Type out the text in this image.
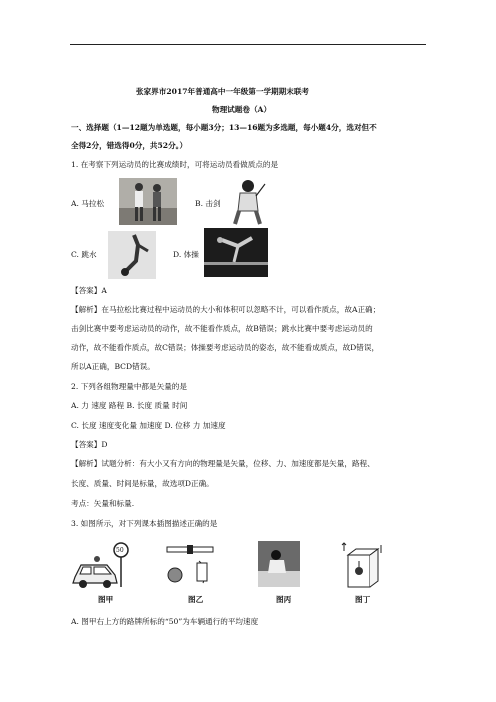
张家界市2017年普通高中一年级第一学期期末联考
物理试题卷（A）
一、选择题（1—12题为单选题，每小题3分；13—16题为多选题，每小题4分，选对但不
全得2分，错选得0分，共52分。）
1. 在考察下列运动员的比赛成绩时，可将运动员看做质点的是
A. 马拉松	B. 击剑
C. 跳水	D. 体操
【答案】A
【解析】在马拉松比赛过程中运动员的大小和体积可以忽略不计，可以看作质点，故A正确；
击剑比赛中要考虑运动员的动作，故不能看作质点，故B错误；跳水比赛中要考虑运动员的
动作，故不能看作质点，故C错误；体操要考虑运动员的姿态，故不能看成质点，故D错误，
所以A正确，BCD错误。
2. 下列各组物理量中都是矢量的是
A. 力 速度 路程 B. 长度 质量 时间
C. 长度 速度变化量 加速度 D. 位移 力 加速度
【答案】D
【解析】试题分析：有大小又有方向的物理量是矢量，位移、力、加速度都是矢量，路程、
长度、质量、时间是标量，故选项D正确。
考点：矢量和标量.
3. 如图所示，对下列课本插图描述正确的是
50
图甲	图乙	图丙	图丁
A. 图甲右上方的路牌所标的“50”为车辆通行的平均速度
